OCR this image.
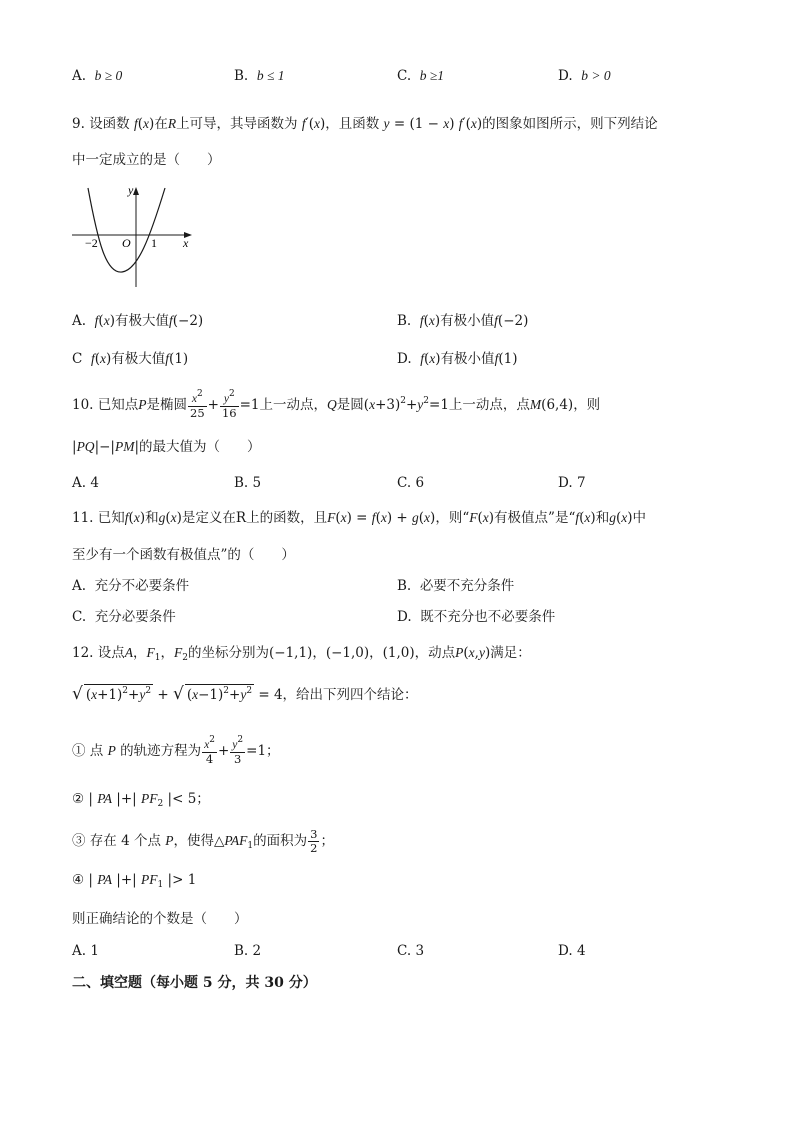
A. b ≥ 0	B. b ≤ 1	C. b ≥1	D. b > 0
9. 设函数 f(x)在R上可导，其导函数为 f′(x)，且函数 y = (1 − x) f′(x)的图象如图所示，则下列结论
中一定成立的是（　　）
y
x
O
−2	1
A. f(x)有极大值f(−2)	B. f(x)有极小值f(−2)
C f(x)有极大值f(1)	D. f(x)有极小值f(1)
10. 已知点P是椭圆 $\frac{x^2}{25} + \frac{y^2}{16} =1$上一动点，Q是圆$(x+3)^2+y^2=1$上一动点，点M(6,4)，则
|PQ|−|PM|的最大值为（　　）
A. 4	B. 5	C. 6	D. 7
11. 已知f(x)和g(x)是定义在R上的函数，且F(x) = f(x) + g(x)，则“F(x)有极值点”是“f(x)和g(x)中
至少有一个函数有极值点”的（　　）
A. 充分不必要条件	B. 必要不充分条件
C. 充分必要条件	D. 既不充分也不必要条件
12. 设点A，$F_1$，$F_2$的坐标分别为(−1,1)，(−1,0)，(1,0)，动点P(x,y)满足：
√ $(x+1)^2+y^2$ + √ $(x-1)^2+y^2 = 4$，给出下列四个结论：
① 点 P 的轨迹方程为 $\frac{x^2}{4} + \frac{y^2}{3} =1$；
② | PA |+| $PF_2$ |< 5；
③ 存在 4 个点 P，使得$\triangle PAF_1$的面积为 $\frac{3}{2}$ ；
④ | PA |+| $PF_1$ |> 1
则正确结论的个数是（　　）
A. 1	B. 2	C. 3	D. 4
二、填空题（每小题 5 分，共 30 分）
